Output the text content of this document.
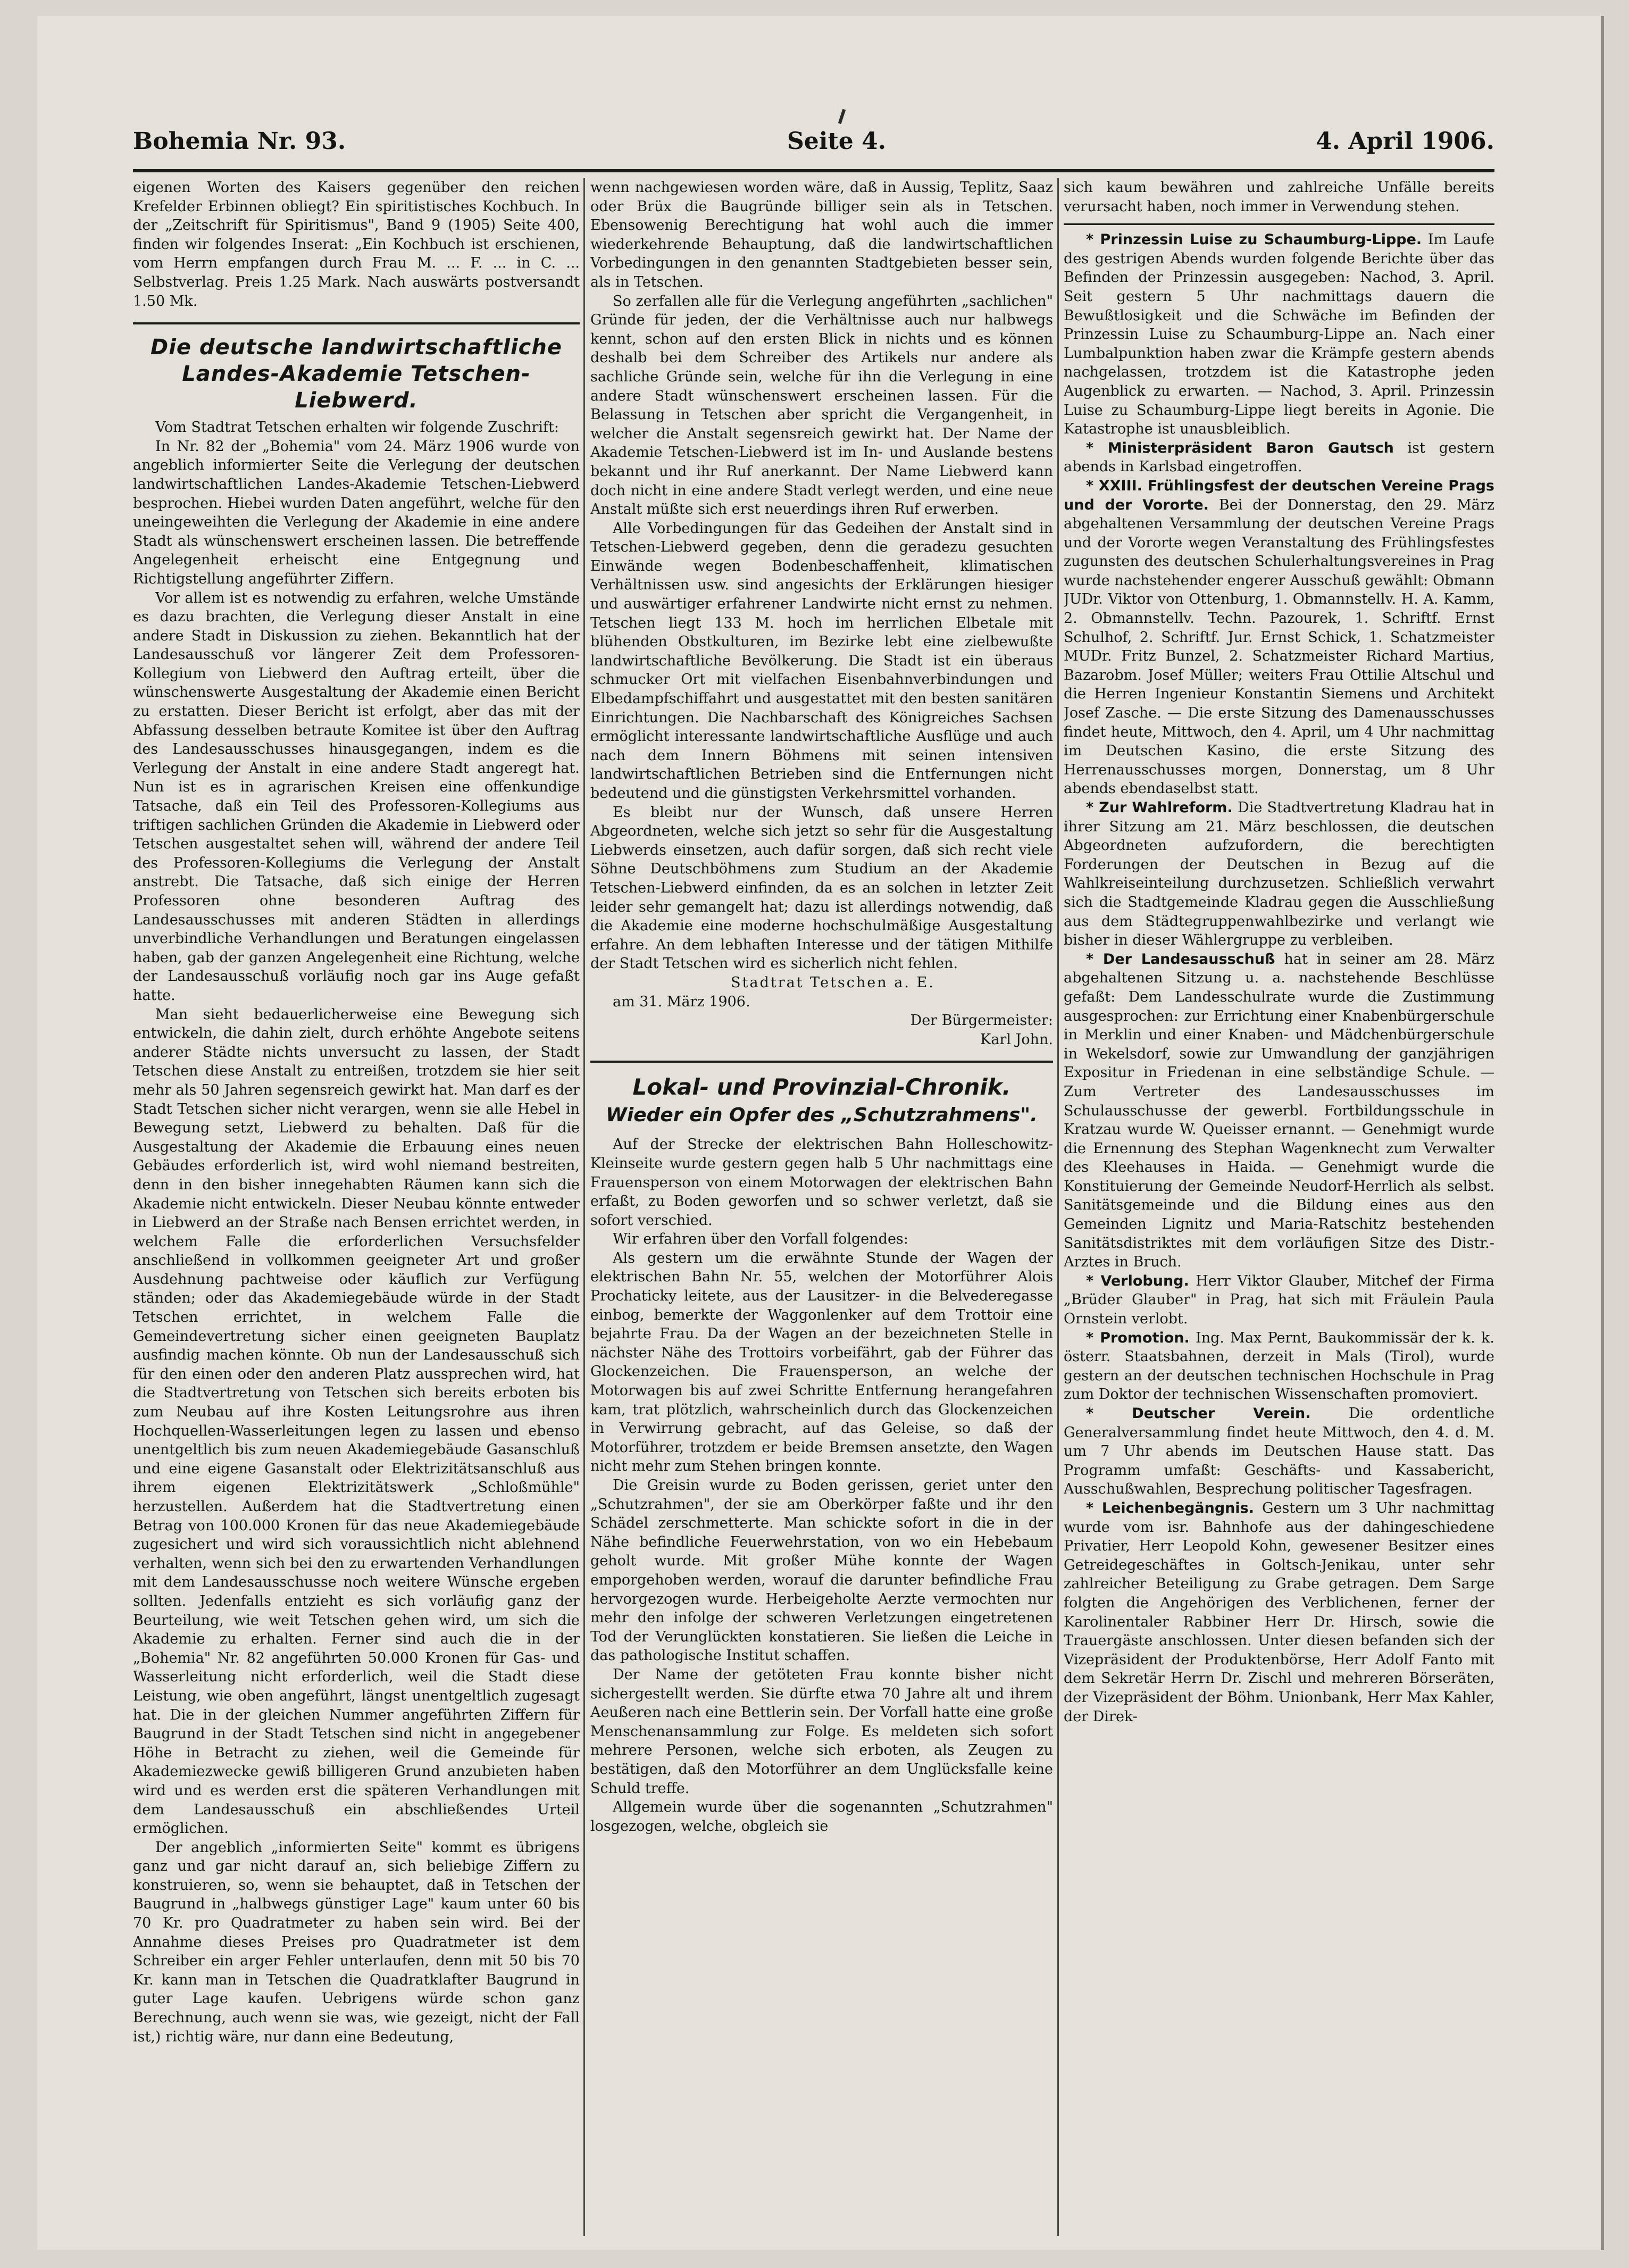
Bohemia Nr. 93.	Seite 4.	4. April 1906.

eigenen Worten des Kaisers gegenüber den reichen Krefelder Erbinnen obliegt? Ein spiritistisches Kochbuch. In der „Zeitschrift für Spiritismus", Band 9 (1905) Seite 400, finden wir folgendes Inserat: „Ein Kochbuch ist erschienen, vom Herrn empfangen durch Frau M. ... F. ... in C. ... Selbstverlag. Preis 1.25 Mark. Nach auswärts postversandt 1.50 Mk.

Die deutsche landwirtschaftliche Landes-Akademie Tetschen-Liebwerd.

Vom Stadtrat Tetschen erhalten wir folgende Zuschrift:

In Nr. 82 der „Bohemia" vom 24. März 1906 wurde von angeblich informierter Seite die Verlegung der deutschen landwirtschaftlichen Landes-Akademie Tetschen-Liebwerd besprochen. Hiebei wurden Daten angeführt, welche für den uneingeweihten die Verlegung der Akademie in eine andere Stadt als wünschenswert erscheinen lassen. Die betreffende Angelegenheit erheischt eine Entgegnung und Richtigstellung angeführter Ziffern.

Vor allem ist es notwendig zu erfahren, welche Umstände es dazu brachten, die Verlegung dieser Anstalt in eine andere Stadt in Diskussion zu ziehen. Bekanntlich hat der Landesausschuß vor längerer Zeit dem Professoren-Kollegium von Liebwerd den Auftrag erteilt, über die wünschenswerte Ausgestaltung der Akademie einen Bericht zu erstatten. Dieser Bericht ist erfolgt, aber das mit der Abfassung desselben betraute Komitee ist über den Auftrag des Landesausschusses hinausgegangen, indem es die Verlegung der Anstalt in eine andere Stadt angeregt hat. Nun ist es in agrarischen Kreisen eine offenkundige Tatsache, daß ein Teil des Professoren-Kollegiums aus triftigen sachlichen Gründen die Akademie in Liebwerd oder Tetschen ausgestaltet sehen will, während der andere Teil des Professoren-Kollegiums die Verlegung der Anstalt anstrebt. Die Tatsache, daß sich einige der Herren Professoren ohne besonderen Auftrag des Landesausschusses mit anderen Städten in allerdings unverbindliche Verhandlungen und Beratungen eingelassen haben, gab der ganzen Angelegenheit eine Richtung, welche der Landesausschuß vorläufig noch gar ins Auge gefaßt hatte.

Man sieht bedauerlicherweise eine Bewegung sich entwickeln, die dahin zielt, durch erhöhte Angebote seitens anderer Städte nichts unversucht zu lassen, der Stadt Tetschen diese Anstalt zu entreißen, trotzdem sie hier seit mehr als 50 Jahren segensreich gewirkt hat. Man darf es der Stadt Tetschen sicher nicht verargen, wenn sie alle Hebel in Bewegung setzt, Liebwerd zu behalten. Daß für die Ausgestaltung der Akademie die Erbauung eines neuen Gebäudes erforderlich ist, wird wohl niemand bestreiten, denn in den bisher innegehabten Räumen kann sich die Akademie nicht entwickeln. Dieser Neubau könnte entweder in Liebwerd an der Straße nach Bensen errichtet werden, in welchem Falle die erforderlichen Versuchsfelder anschließend in vollkommen geeigneter Art und großer Ausdehnung pachtweise oder käuflich zur Verfügung ständen; oder das Akademiegebäude würde in der Stadt Tetschen errichtet, in welchem Falle die Gemeindevertretung sicher einen geeigneten Bauplatz ausfindig machen könnte. Ob nun der Landesausschuß sich für den einen oder den anderen Platz aussprechen wird, hat die Stadtvertretung von Tetschen sich bereits erboten bis zum Neubau auf ihre Kosten Leitungsrohre aus ihren Hochquellen-Wasserleitungen legen zu lassen und ebenso unentgeltlich bis zum neuen Akademiegebäude Gasanschluß und eine eigene Gasanstalt oder Elektrizitätsanschluß aus ihrem eigenen Elektrizitätswerk „Schloßmühle" herzustellen. Außerdem hat die Stadtvertretung einen Betrag von 100.000 Kronen für das neue Akademiegebäude zugesichert und wird sich voraussichtlich nicht ablehnend verhalten, wenn sich bei den zu erwartenden Verhandlungen mit dem Landesausschusse noch weitere Wünsche ergeben sollten. Jedenfalls entzieht es sich vorläufig ganz der Beurteilung, wie weit Tetschen gehen wird, um sich die Akademie zu erhalten. Ferner sind auch die in der „Bohemia" Nr. 82 angeführten 50.000 Kronen für Gas- und Wasserleitung nicht erforderlich, weil die Stadt diese Leistung, wie oben angeführt, längst unentgeltlich zugesagt hat. Die in der gleichen Nummer angeführten Ziffern für Baugrund in der Stadt Tetschen sind nicht in angegebener Höhe in Betracht zu ziehen, weil die Gemeinde für Akademiezwecke gewiß billigeren Grund anzubieten haben wird und es werden erst die späteren Verhandlungen mit dem Landesausschuß ein abschließendes Urteil ermöglichen.

Der angeblich „informierten Seite" kommt es übrigens ganz und gar nicht darauf an, sich beliebige Ziffern zu konstruieren, so, wenn sie behauptet, daß in Tetschen der Baugrund in „halbwegs günstiger Lage" kaum unter 60 bis 70 Kr. pro Quadratmeter zu haben sein wird. Bei der Annahme dieses Preises pro Quadratmeter ist dem Schreiber ein arger Fehler unterlaufen, denn mit 50 bis 70 Kr. kann man in Tetschen die Quadratklafter Baugrund in guter Lage kaufen. Uebrigens würde schon ganz Berechnung, auch wenn sie was, wie gezeigt, nicht der Fall ist,) richtig wäre, nur dann eine Bedeutung,

wenn nachgewiesen worden wäre, daß in Aussig, Teplitz, Saaz oder Brüx die Baugründe billiger sein als in Tetschen. Ebensowenig Berechtigung hat wohl auch die immer wiederkehrende Behauptung, daß die landwirtschaftlichen Vorbedingungen in den genannten Stadtgebieten besser sein, als in Tetschen.

So zerfallen alle für die Verlegung angeführten „sachlichen" Gründe für jeden, der die Verhältnisse auch nur halbwegs kennt, schon auf den ersten Blick in nichts und es können deshalb bei dem Schreiber des Artikels nur andere als sachliche Gründe sein, welche für ihn die Verlegung in eine andere Stadt wünschenswert erscheinen lassen. Für die Belassung in Tetschen aber spricht die Vergangenheit, in welcher die Anstalt segensreich gewirkt hat. Der Name der Akademie Tetschen-Liebwerd ist im In- und Auslande bestens bekannt und ihr Ruf anerkannt. Der Name Liebwerd kann doch nicht in eine andere Stadt verlegt werden, und eine neue Anstalt müßte sich erst neuerdings ihren Ruf erwerben.

Alle Vorbedingungen für das Gedeihen der Anstalt sind in Tetschen-Liebwerd gegeben, denn die geradezu gesuchten Einwände wegen Bodenbeschaffenheit, klimatischen Verhältnissen usw. sind angesichts der Erklärungen hiesiger und auswärtiger erfahrener Landwirte nicht ernst zu nehmen. Tetschen liegt 133 M. hoch im herrlichen Elbetale mit blühenden Obstkulturen, im Bezirke lebt eine zielbewußte landwirtschaftliche Bevölkerung. Die Stadt ist ein überaus schmucker Ort mit vielfachen Eisenbahnverbindungen und Elbedampfschiffahrt und ausgestattet mit den besten sanitären Einrichtungen. Die Nachbarschaft des Königreiches Sachsen ermöglicht interessante landwirtschaftliche Ausflüge und auch nach dem Innern Böhmens mit seinen intensiven landwirtschaftlichen Betrieben sind die Entfernungen nicht bedeutend und die günstigsten Verkehrsmittel vorhanden.

Es bleibt nur der Wunsch, daß unsere Herren Abgeordneten, welche sich jetzt so sehr für die Ausgestaltung Liebwerds einsetzen, auch dafür sorgen, daß sich recht viele Söhne Deutschböhmens zum Studium an der Akademie Tetschen-Liebwerd einfinden, da es an solchen in letzter Zeit leider sehr gemangelt hat; dazu ist allerdings notwendig, daß die Akademie eine moderne hochschulmäßige Ausgestaltung erfahre. An dem lebhaften Interesse und der tätigen Mithilfe der Stadt Tetschen wird es sicherlich nicht fehlen.

Stadtrat Tetschen a. E.

am 31. März 1906.

Der Bürgermeister:

Karl John.

Lokal- und Provinzial-Chronik.
Wieder ein Opfer des „Schutzrahmens".

Auf der Strecke der elektrischen Bahn Holleschowitz-Kleinseite wurde gestern gegen halb 5 Uhr nachmittags eine Frauensperson von einem Motorwagen der elektrischen Bahn erfaßt, zu Boden geworfen und so schwer verletzt, daß sie sofort verschied.

Wir erfahren über den Vorfall folgendes:

Als gestern um die erwähnte Stunde der Wagen der elektrischen Bahn Nr. 55, welchen der Motorführer Alois Prochaticky leitete, aus der Lausitzer- in die Belvederegasse einbog, bemerkte der Waggonlenker auf dem Trottoir eine bejahrte Frau. Da der Wagen an der bezeichneten Stelle in nächster Nähe des Trottoirs vorbeifährt, gab der Führer das Glockenzeichen. Die Frauensperson, an welche der Motorwagen bis auf zwei Schritte Entfernung herangefahren kam, trat plötzlich, wahrscheinlich durch das Glockenzeichen in Verwirrung gebracht, auf das Geleise, so daß der Motorführer, trotzdem er beide Bremsen ansetzte, den Wagen nicht mehr zum Stehen bringen konnte.

Die Greisin wurde zu Boden gerissen, geriet unter den „Schutzrahmen", der sie am Oberkörper faßte und ihr den Schädel zerschmetterte. Man schickte sofort in die in der Nähe befindliche Feuerwehrstation, von wo ein Hebebaum geholt wurde. Mit großer Mühe konnte der Wagen emporgehoben werden, worauf die darunter befindliche Frau hervorgezogen wurde. Herbeigeholte Aerzte vermochten nur mehr den infolge der schweren Verletzungen eingetretenen Tod der Verunglückten konstatieren. Sie ließen die Leiche in das pathologische Institut schaffen.

Der Name der getöteten Frau konnte bisher nicht sichergestellt werden. Sie dürfte etwa 70 Jahre alt und ihrem Aeußeren nach eine Bettlerin sein. Der Vorfall hatte eine große Menschenansammlung zur Folge. Es meldeten sich sofort mehrere Personen, welche sich erboten, als Zeugen zu bestätigen, daß den Motorführer an dem Unglücksfalle keine Schuld treffe.

Allgemein wurde über die sogenannten „Schutzrahmen" losgezogen, welche, obgleich sie

sich kaum bewähren und zahlreiche Unfälle bereits verursacht haben, noch immer in Verwendung stehen.

* Prinzessin Luise zu Schaumburg-Lippe. Im Laufe des gestrigen Abends wurden folgende Berichte über das Befinden der Prinzessin ausgegeben: Nachod, 3. April. Seit gestern 5 Uhr nachmittags dauern die Bewußtlosigkeit und die Schwäche im Befinden der Prinzessin Luise zu Schaumburg-Lippe an. Nach einer Lumbalpunktion haben zwar die Krämpfe gestern abends nachgelassen, trotzdem ist die Katastrophe jeden Augenblick zu erwarten. — Nachod, 3. April. Prinzessin Luise zu Schaumburg-Lippe liegt bereits in Agonie. Die Katastrophe ist unausbleiblich.

* Ministerpräsident Baron Gautsch ist gestern abends in Karlsbad eingetroffen.

* XXIII. Frühlingsfest der deutschen Vereine Prags und der Vororte. Bei der Donnerstag, den 29. März abgehaltenen Versammlung der deutschen Vereine Prags und der Vororte wegen Veranstaltung des Frühlingsfestes zugunsten des deutschen Schulerhaltungsvereines in Prag wurde nachstehender engerer Ausschuß gewählt: Obmann JUDr. Viktor von Ottenburg, 1. Obmannstellv. H. A. Kamm, 2. Obmannstellv. Techn. Pazourek, 1. Schriftf. Ernst Schulhof, 2. Schriftf. Jur. Ernst Schick, 1. Schatzmeister MUDr. Fritz Bunzel, 2. Schatzmeister Richard Martius, Bazarobm. Josef Müller; weiters Frau Ottilie Altschul und die Herren Ingenieur Konstantin Siemens und Architekt Josef Zasche. — Die erste Sitzung des Damenausschusses findet heute, Mittwoch, den 4. April, um 4 Uhr nachmittag im Deutschen Kasino, die erste Sitzung des Herrenausschusses morgen, Donnerstag, um 8 Uhr abends ebendaselbst statt.

* Zur Wahlreform. Die Stadtvertretung Kladrau hat in ihrer Sitzung am 21. März beschlossen, die deutschen Abgeordneten aufzufordern, die berechtigten Forderungen der Deutschen in Bezug auf die Wahlkreiseinteilung durchzusetzen. Schließlich verwahrt sich die Stadtgemeinde Kladrau gegen die Ausschließung aus dem Städtegruppenwahlbezirke und verlangt wie bisher in dieser Wählergruppe zu verbleiben.

* Der Landesausschuß hat in seiner am 28. März abgehaltenen Sitzung u. a. nachstehende Beschlüsse gefaßt: Dem Landesschulrate wurde die Zustimmung ausgesprochen: zur Errichtung einer Knabenbürgerschule in Merklin und einer Knaben- und Mädchenbürgerschule in Wekelsdorf, sowie zur Umwandlung der ganzjährigen Expositur in Friedenan in eine selbständige Schule. — Zum Vertreter des Landesausschusses im Schulausschusse der gewerbl. Fortbildungsschule in Kratzau wurde W. Queisser ernannt. — Genehmigt wurde die Ernennung des Stephan Wagenknecht zum Verwalter des Kleehauses in Haida. — Genehmigt wurde die Konstituierung der Gemeinde Neudorf-Herrlich als selbst. Sanitätsgemeinde und die Bildung eines aus den Gemeinden Lignitz und Maria-Ratschitz bestehenden Sanitätsdistriktes mit dem vorläufigen Sitze des Distr.-Arztes in Bruch.

* Verlobung. Herr Viktor Glauber, Mitchef der Firma „Brüder Glauber" in Prag, hat sich mit Fräulein Paula Ornstein verlobt.

* Promotion. Ing. Max Pernt, Baukommissär der k. k. österr. Staatsbahnen, derzeit in Mals (Tirol), wurde gestern an der deutschen technischen Hochschule in Prag zum Doktor der technischen Wissenschaften promoviert.

* Deutscher Verein.	Die ordentliche Generalversammlung findet heute Mittwoch, den 4. d. M. um 7 Uhr abends im Deutschen Hause statt. Das Programm umfaßt: Geschäfts- und Kassabericht, Ausschußwahlen, Besprechung politischer Tagesfragen.

* Leichenbegängnis. Gestern um 3 Uhr nachmittag wurde vom isr. Bahnhofe aus der dahingeschiedene Privatier, Herr Leopold Kohn, gewesener Besitzer eines Getreidegeschäftes in Goltsch-Jenikau, unter sehr zahlreicher Beteiligung zu Grabe getragen. Dem Sarge folgten die Angehörigen des Verblichenen, ferner der Karolinentaler Rabbiner Herr Dr. Hirsch, sowie die Trauergäste anschlossen. Unter diesen befanden sich der Vizepräsident der Produktenbörse, Herr Adolf Fanto mit dem Sekretär Herrn Dr. Zischl und mehreren Börseräten, der Vizepräsident der Böhm. Unionbank, Herr Max Kahler, der Direk-
